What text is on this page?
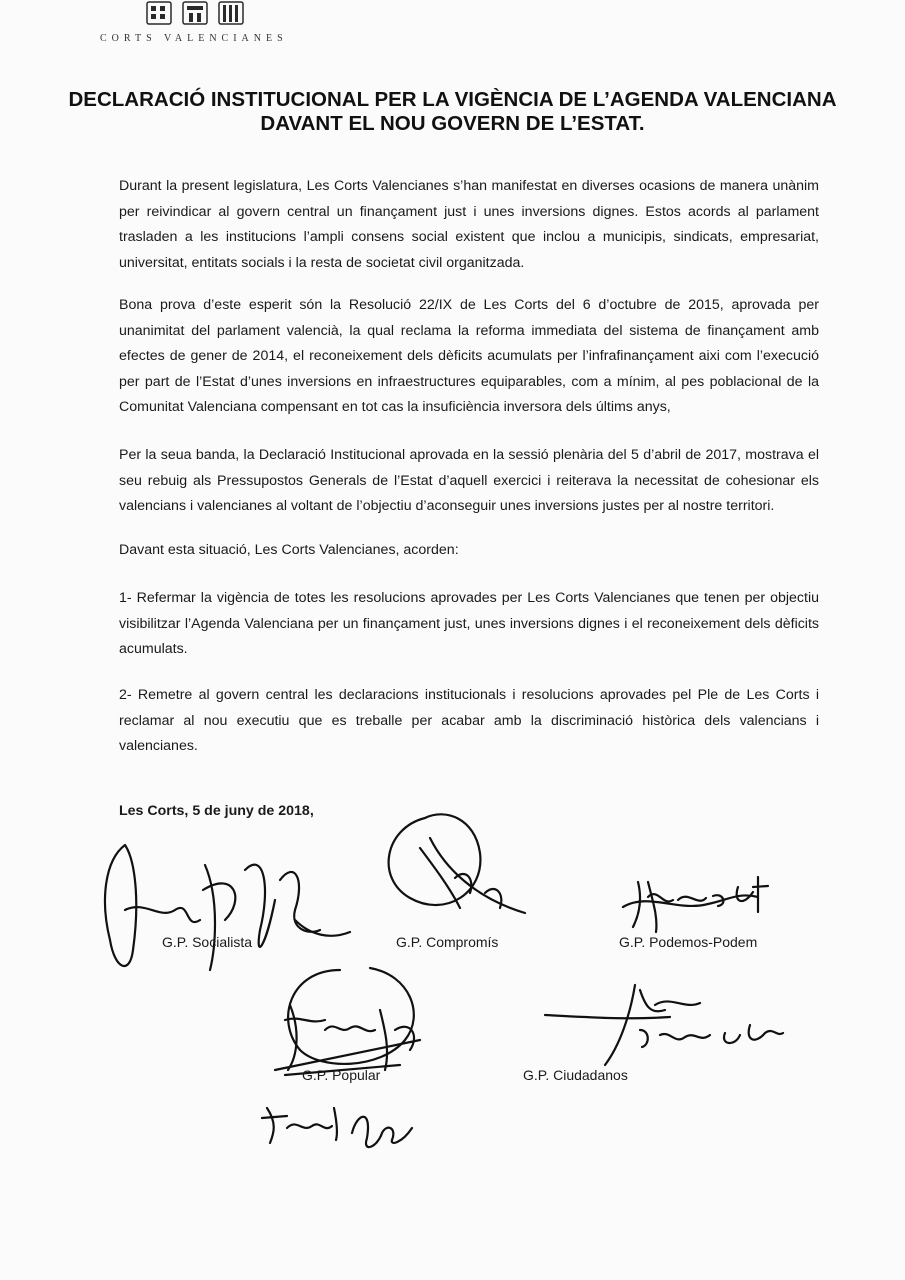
CORTS VALENCIANES
DECLARACIÓ INSTITUCIONAL PER LA VIGÈNCIA DE L’AGENDA VALENCIANA
DAVANT EL NOU GOVERN DE L’ESTAT.

Durant la present legislatura, Les Corts Valencianes s’han manifestat en diverses ocasions de manera unànim per reivindicar al govern central un finançament just i unes inversions dignes. Estos acords al parlament trasladen a les institucions l’ampli consens social existent que inclou a municipis, sindicats, empresariat, universitat, entitats socials i la resta de societat civil organitzada.

Bona prova d’este esperit són la Resolució 22/IX de Les Corts del 6 d’octubre de 2015, aprovada per unanimitat del parlament valencià, la qual reclama la reforma immediata del sistema de finançament amb efectes de gener de 2014, el reconeixement dels dèficits acumulats per l’infrafinançament aixi com l’execució per part de l’Estat d’unes inversions en infraestructures equiparables, com a mínim, al pes poblacional de la Comunitat Valenciana compensant en tot cas la insuficiència inversora dels últims anys,

Per la seua banda, la Declaració Institucional aprovada en la sessió plenària del 5 d’abril de 2017, mostrava el seu rebuig als Pressupostos Generals de l’Estat d’aquell exercici i reiterava la necessitat de cohesionar els valencians i valencianes al voltant de l’objectiu d’aconseguir unes inversions justes per al nostre territori.

Davant esta situació, Les Corts Valencianes, acorden:

1- Refermar la vigència de totes les resolucions aprovades per Les Corts Valencianes que tenen per objectiu visibilitzar l’Agenda Valenciana per un finançament just, unes inversions dignes i el reconeixement dels dèficits acumulats.

2- Remetre al govern central les declaracions institucionals i resolucions aprovades pel Ple de Les Corts i reclamar al nou executiu que es treballe per acabar amb la discriminació històrica dels valencians i valencianes.

Les Corts, 5 de juny de 2018,
G.P. Socialista	G.P. Compromís	G.P. Podemos-Podem
G.P. Popular	G.P. Ciudadanos
